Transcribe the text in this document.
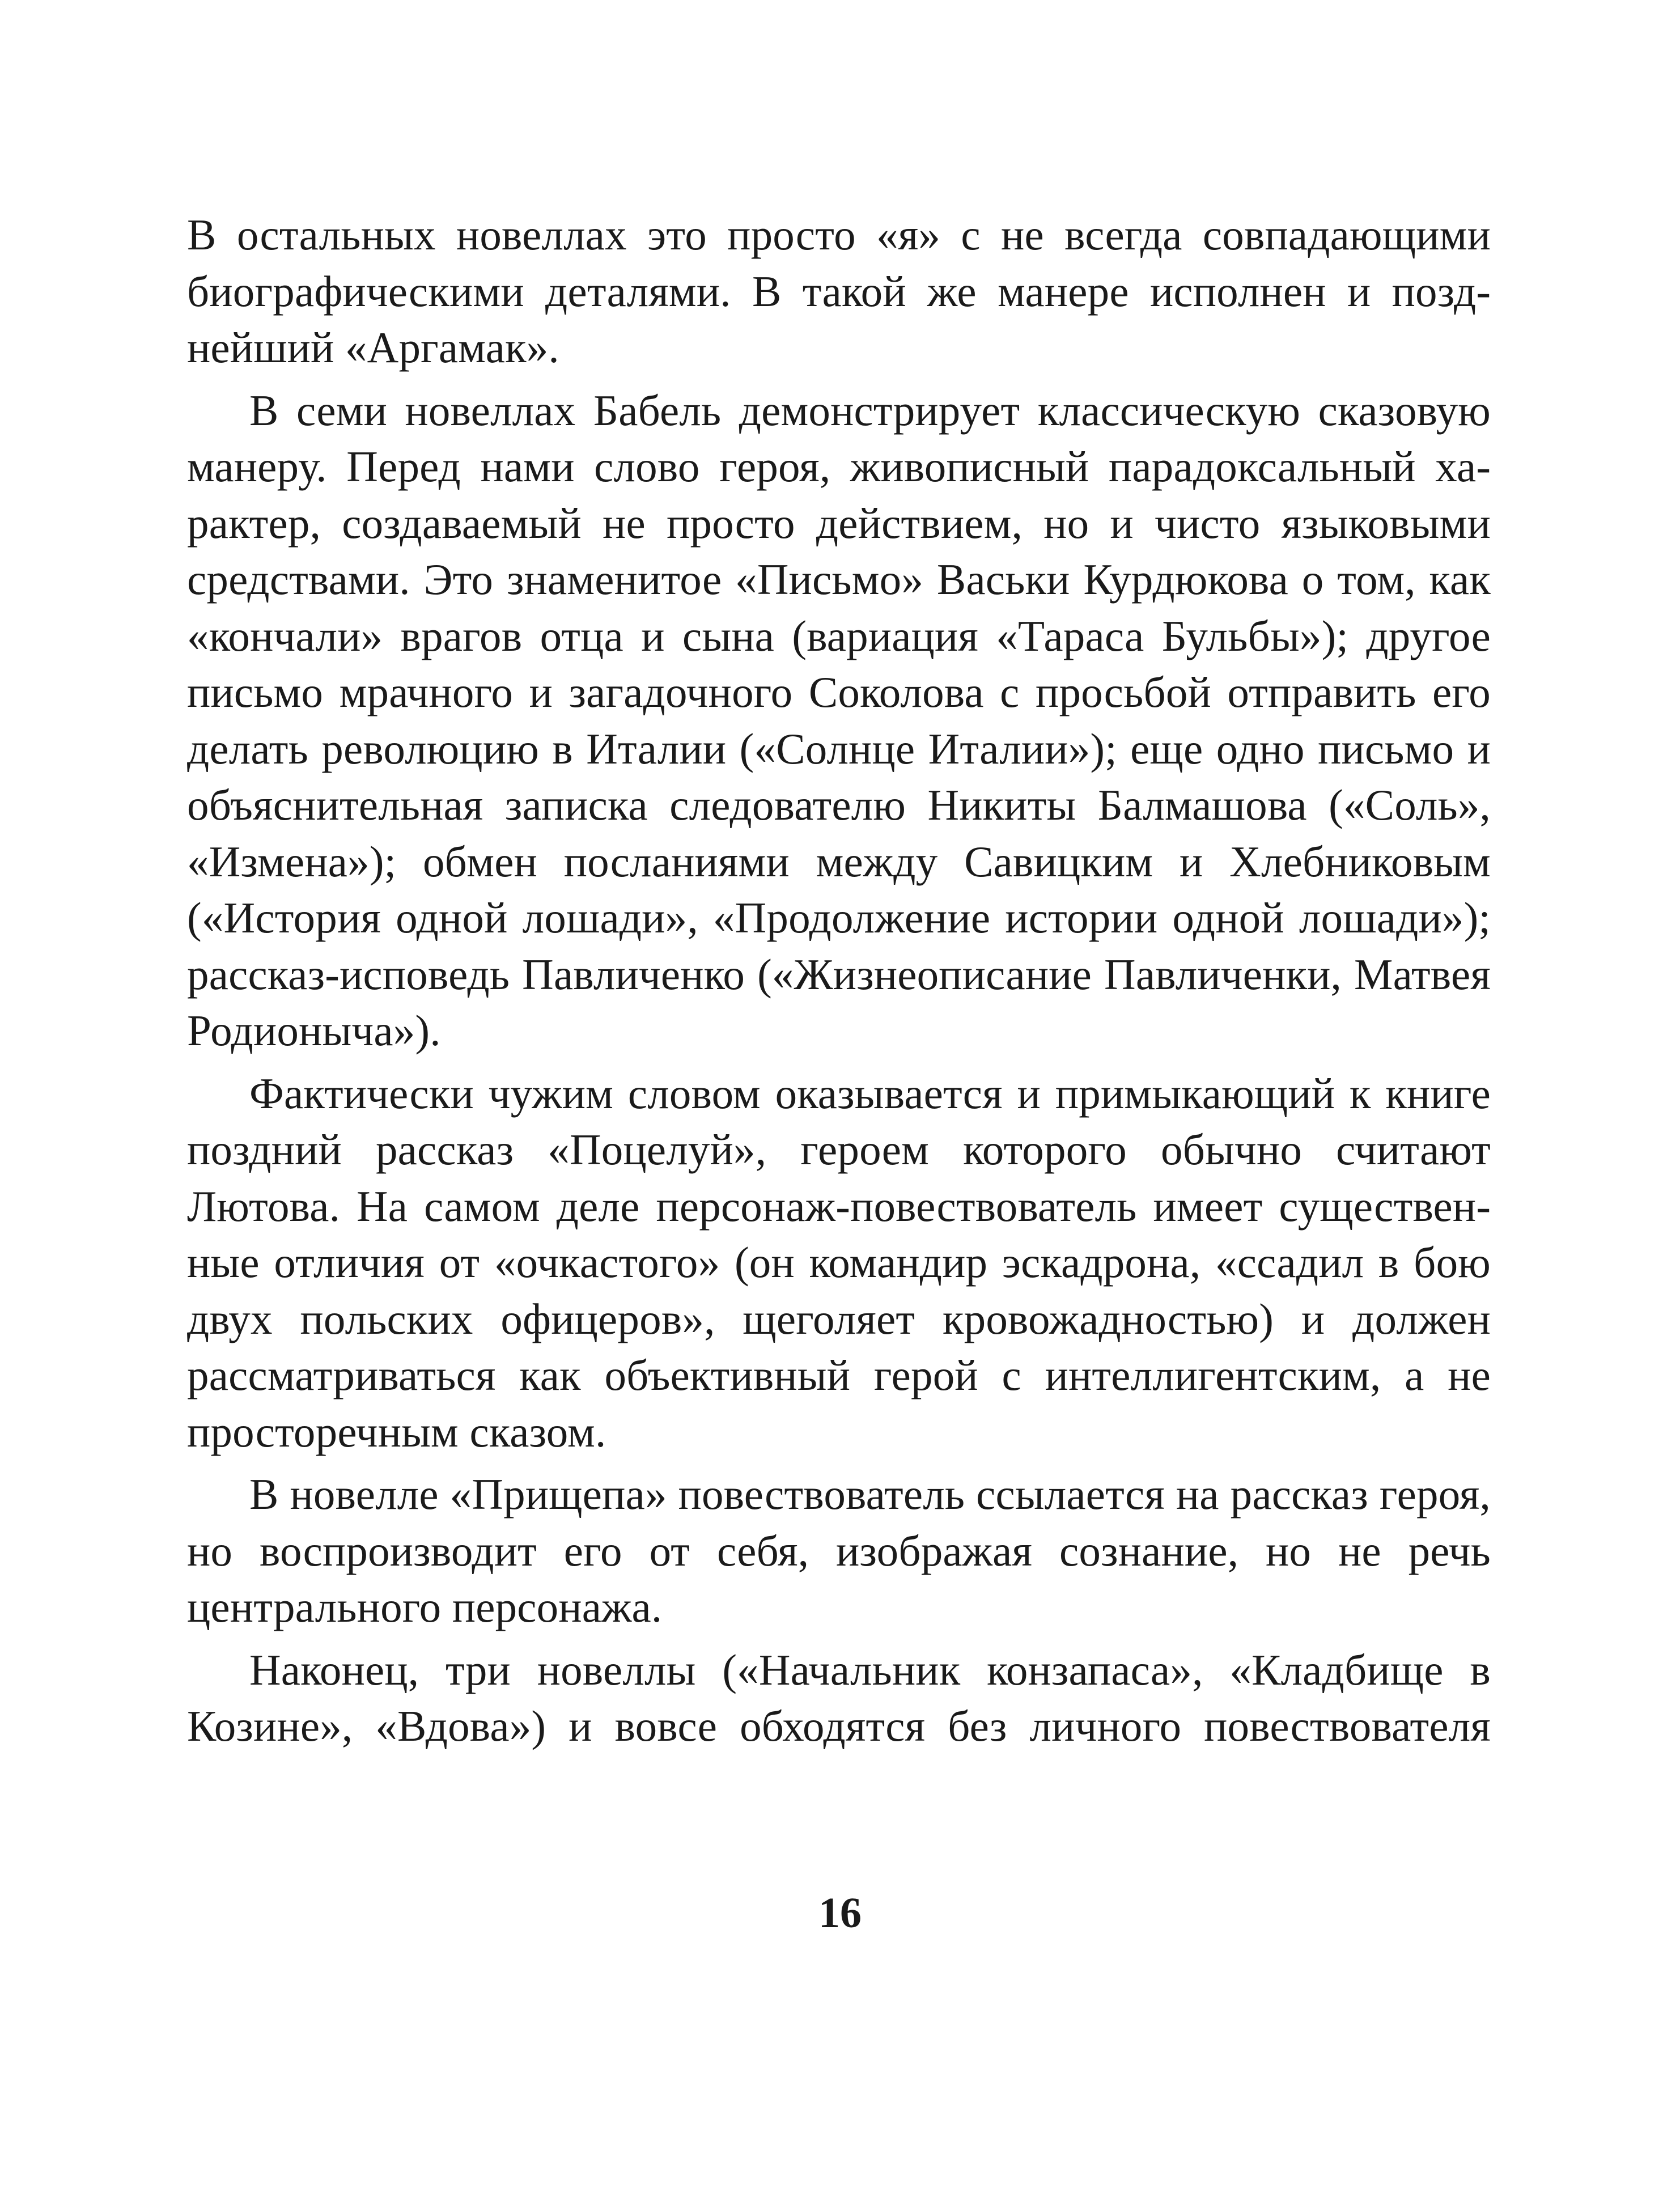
В остальных новеллах это просто «я» с не всегда совпадающими биографическими деталями. В такой же манере исполнен и позднейший «Аргамак».

В семи новеллах Бабель демонстрирует классическую сказовую манеру. Перед нами слово героя, живописный парадоксальный характер, создаваемый не просто действием, но и чисто языковыми средствами. Это знаменитое «Письмо» Васьки Курдюкова о том, как «кончали» врагов отца и сына (вариация «Тараса Бульбы»); другое письмо мрачного и загадочного Соколова с просьбой отправить его делать революцию в Италии («Солнце Италии»); еще одно письмо и объяснительная записка следователю Никиты Балмашова («Соль», «Измена»); обмен посланиями между Савицким и Хлебниковым («История одной лошади», «Продолжение истории одной лошади»); рассказ-исповедь Павличенко («Жизнеописание Павличенки, Матвея Родионыча»).

Фактически чужим словом оказывается и примыкающий к книге поздний рассказ «Поцелуй», героем которого обычно считают Лютова. На самом деле персонаж-повествователь имеет существенные отличия от «очкастого» (он командир эскадрона, «ссадил в бою двух польских офицеров», щеголяет кровожадностью) и должен рассматриваться как объективный герой с интеллигентским, а не просторечным сказом.

В новелле «Прищепа» повествователь ссылается на рассказ героя, но воспроизводит его от себя, изображая сознание, но не речь центрального персонажа.

Наконец, три новеллы («Начальник конзапаса», «Кладбище в Козине», «Вдова») и вовсе обходятся без личного повествователя

16
